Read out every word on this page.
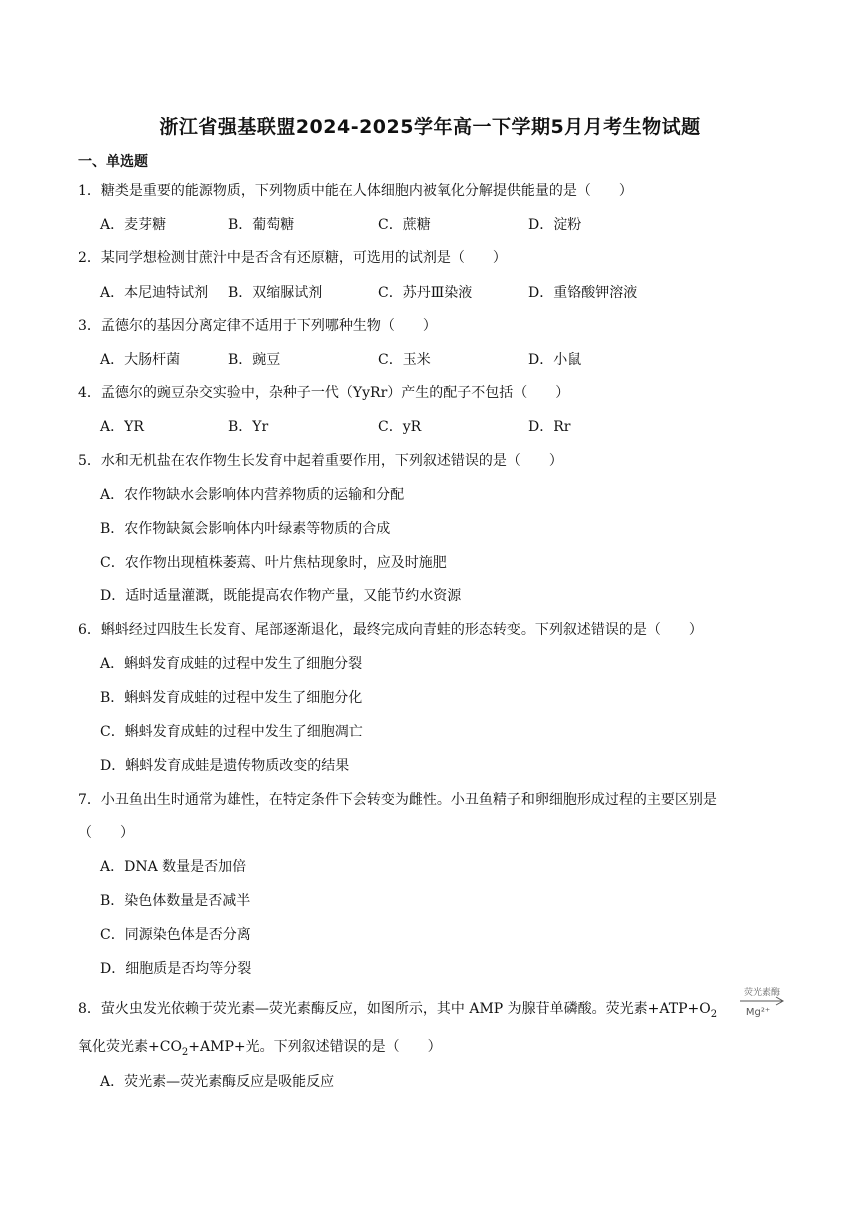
浙江省强基联盟2024-2025学年高一下学期5月月考生物试题
一、单选题
1．糖类是重要的能源物质，下列物质中能在人体细胞内被氧化分解提供能量的是（　　）
A．麦芽糖	B．葡萄糖	C．蔗糖	D．淀粉
2．某同学想检测甘蔗汁中是否含有还原糖，可选用的试剂是（　　）
A．本尼迪特试剂 B．双缩脲试剂	C．苏丹Ⅲ染液	D．重铬酸钾溶液
3．孟德尔的基因分离定律不适用于下列哪种生物（　　）
A．大肠杆菌	B．豌豆	C．玉米	D．小鼠
4．孟德尔的豌豆杂交实验中，杂种子一代（YyRr）产生的配子不包括（　　）
A．YR	B．Yr	C．yR	D．Rr
5．水和无机盐在农作物生长发育中起着重要作用，下列叙述错误的是（　　）
A．农作物缺水会影响体内营养物质的运输和分配
B．农作物缺氮会影响体内叶绿素等物质的合成
C．农作物出现植株萎蔫、叶片焦枯现象时，应及时施肥
D．适时适量灌溉，既能提高农作物产量，又能节约水资源
6．蝌蚪经过四肢生长发育、尾部逐渐退化，最终完成向青蛙的形态转变。下列叙述错误的是（　　）
A．蝌蚪发育成蛙的过程中发生了细胞分裂
B．蝌蚪发育成蛙的过程中发生了细胞分化
C．蝌蚪发育成蛙的过程中发生了细胞凋亡
D．蝌蚪发育成蛙是遗传物质改变的结果
7．小丑鱼出生时通常为雄性，在特定条件下会转变为雌性。小丑鱼精子和卵细胞形成过程的主要区别是
（　　）
A．DNA 数量是否加倍
B．染色体数量是否减半
C．同源染色体是否分离
D．细胞质是否均等分裂
8．萤火虫发光依赖于荧光素—荧光素酶反应，如图所示，其中 AMP 为腺苷单磷酸。荧光素$+ATP+O_2$
荧光素酶
Mg²⁺
氧化荧光素$+CO_2+AMP+$光。下列叙述错误的是（　　）
A．荧光素—荧光素酶反应是吸能反应
